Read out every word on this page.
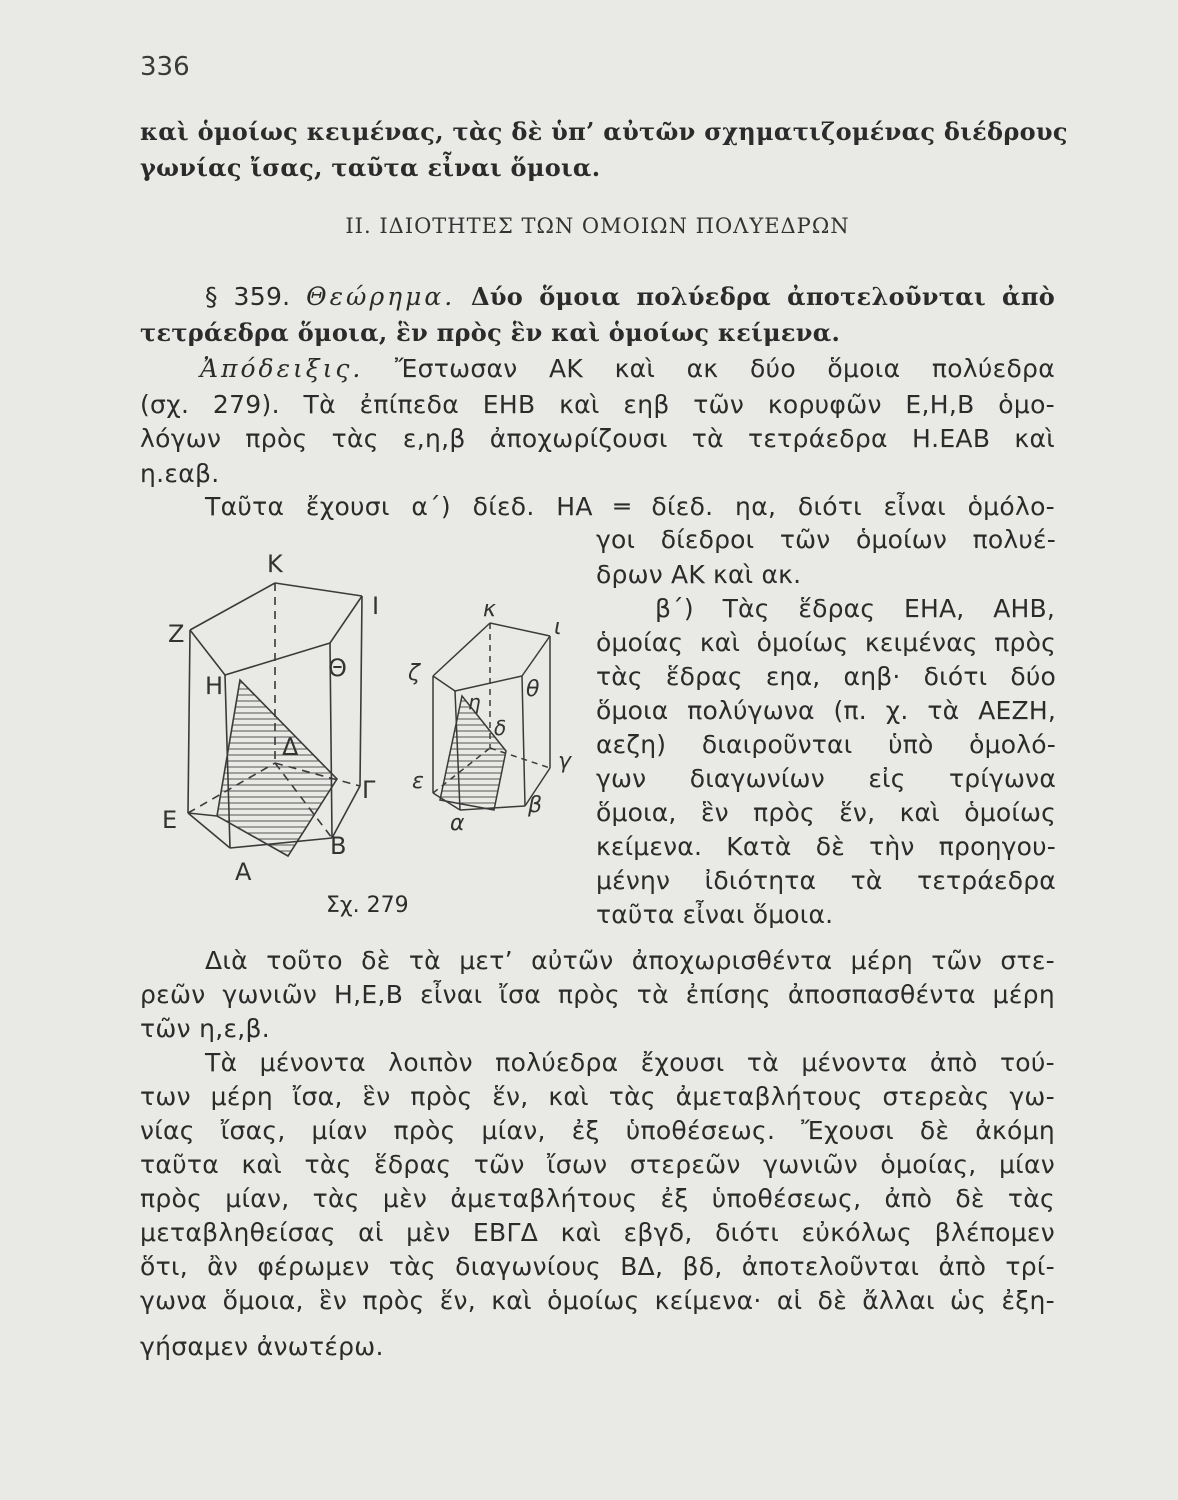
336
καὶ ὁμοίως κειμένας, τὰς δὲ ὑπ’ αὐτῶν σχηματιζομένας διέδρους
γωνίας ἴσας, ταῦτα εἶναι ὅμοια.
II. ΙΔΙΟΤΗΤΕΣ ΤΩΝ ΟΜΟΙΩΝ ΠΟΛΥΕΔΡΩΝ
§ 359. Θεώρημα. Δύο ὅμοια πολύεδρα ἀποτελοῦνται ἀπὸ
τετράεδρα ὅμοια, ἓν πρὸς ἓν καὶ ὁμοίως κείμενα.
Ἀπόδειξις. Ἔστωσαν ΑΚ καὶ ακ δύο ὅμοια πολύεδρα
(σχ. 279). Τὰ ἐπίπεδα ΕΗΒ καὶ εηβ τῶν κορυφῶν Ε,Η,Β ὁμο-
λόγων πρὸς τὰς ε,η,β ἀποχωρίζουσι τὰ τετράεδρα Η.ΕΑΒ καὶ
η.εαβ.
Ταῦτα ἔχουσι α΄) δίεδ. ΗΑ ═ δίεδ. ηα, διότι εἶναι ὁμόλο-
γοι δίεδροι τῶν ὁμοίων πολυέ-
δρων ΑΚ καὶ ακ.
β΄) Τὰς ἕδρας ΕΗΑ, ΑΗΒ,
ὁμοίας καὶ ὁμοίως κειμένας πρὸς
τὰς ἕδρας εηα, αηβ· διότι δύο
ὅμοια πολύγωνα (π. χ. τὰ ΑΕΖΗ,
αεζη) διαιροῦνται ὑπὸ ὁμολό-
γων διαγωνίων εἰς τρίγωνα
ὅμοια, ἓν πρὸς ἕν, καὶ ὁμοίως
κείμενα. Κατὰ δὲ τὴν προηγου-
μένην ἰδιότητα τὰ τετράεδρα
ταῦτα εἶναι ὅμοια.
Κ
Ι
Ζ
Θ
Η
Δ
Γ
Ε
Β
Α
κ
ι
ζ
θ
η
δ
γ
ε
β
α
Σχ. 279
Διὰ τοῦτο δὲ τὰ μετ’ αὐτῶν ἀποχωρισθέντα μέρη τῶν στε-
ρεῶν γωνιῶν Η,Ε,Β εἶναι ἴσα πρὸς τὰ ἐπίσης ἀποσπασθέντα μέρη
τῶν η,ε,β.
Τὰ μένοντα λοιπὸν πολύεδρα ἔχουσι τὰ μένοντα ἀπὸ τού-
των μέρη ἴσα, ἓν πρὸς ἕν, καὶ τὰς ἀμεταβλήτους στερεὰς γω-
νίας ἴσας, μίαν πρὸς μίαν, ἐξ ὑποθέσεως. Ἔχουσι δὲ ἀκόμη
ταῦτα καὶ τὰς ἕδρας τῶν ἴσων στερεῶν γωνιῶν ὁμοίας, μίαν
πρὸς μίαν, τὰς μὲν ἀμεταβλήτους ἐξ ὑποθέσεως, ἀπὸ δὲ τὰς
μεταβληθείσας αἱ μὲν ΕΒΓΔ καὶ εβγδ, διότι εὐκόλως βλέπομεν
ὅτι, ἂν φέρωμεν τὰς διαγωνίους ΒΔ, βδ, ἀποτελοῦνται ἀπὸ τρί-
γωνα ὅμοια, ἓν πρὸς ἕν, καὶ ὁμοίως κείμενα· αἱ δὲ ἄλλαι ὡς ἐξη-
γήσαμεν ἀνωτέρω.
